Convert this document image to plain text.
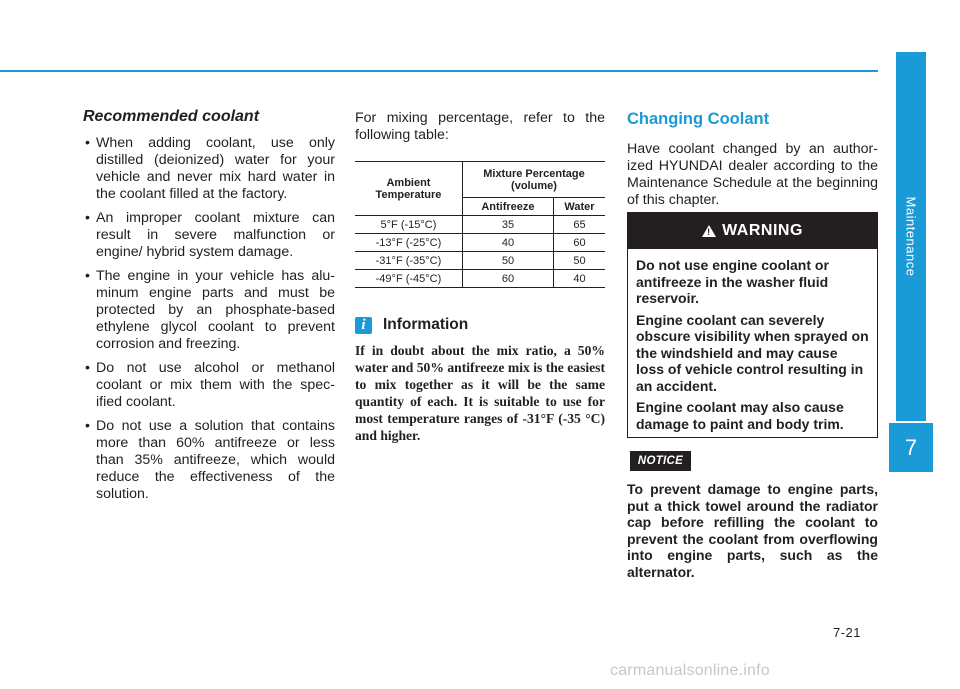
Maintenance
7
Recommended coolant
• When adding coolant, use only distilled (deionized) water for your vehicle and never mix hard water in the coolant filled at the factory.
• An improper coolant mixture can result in severe malfunction or engine/ hybrid system damage.
• The engine in your vehicle has alu-minum engine parts and must be protected by an phosphate-based ethylene glycol coolant to prevent corrosion and freezing.
• Do not use alcohol or methanol coolant or mix them with the spec-ified coolant.
• Do not use a solution that contains more than 60% antifreeze or less than 35% antifreeze, which would reduce the effectiveness of the solution.
For mixing percentage, refer to the following table:
Ambient Temperature	Mixture Percentage (volume)	
	Antifreeze	Water
5°F (-15°C)	35	65
-13°F (-25°C)	40	60
-31°F (-35°C)	50	50
-49°F (-45°C)	60	40
i	Information
If in doubt about the mix ratio, a 50% water and 50% antifreeze mix is the easiest to mix together as it will be the same quantity of each. It is suitable to use for most temperature ranges of -31°F (-35 °C) and higher.
Changing Coolant
Have coolant changed by an author-ized HYUNDAI dealer according to the Maintenance Schedule at the beginning of this chapter.
! WARNING

Do not use engine coolant or antifreeze in the washer fluid reservoir.

Engine coolant can severely obscure visibility when sprayed on the windshield and may cause loss of vehicle control resulting in an accident.

Engine coolant may also cause damage to paint and body trim.

NOTICE
To prevent damage to engine parts, put a thick towel around the radiator cap before refilling the coolant to prevent the coolant from overflowing into engine parts, such as the alternator.
7-21
carmanualsonline.info
